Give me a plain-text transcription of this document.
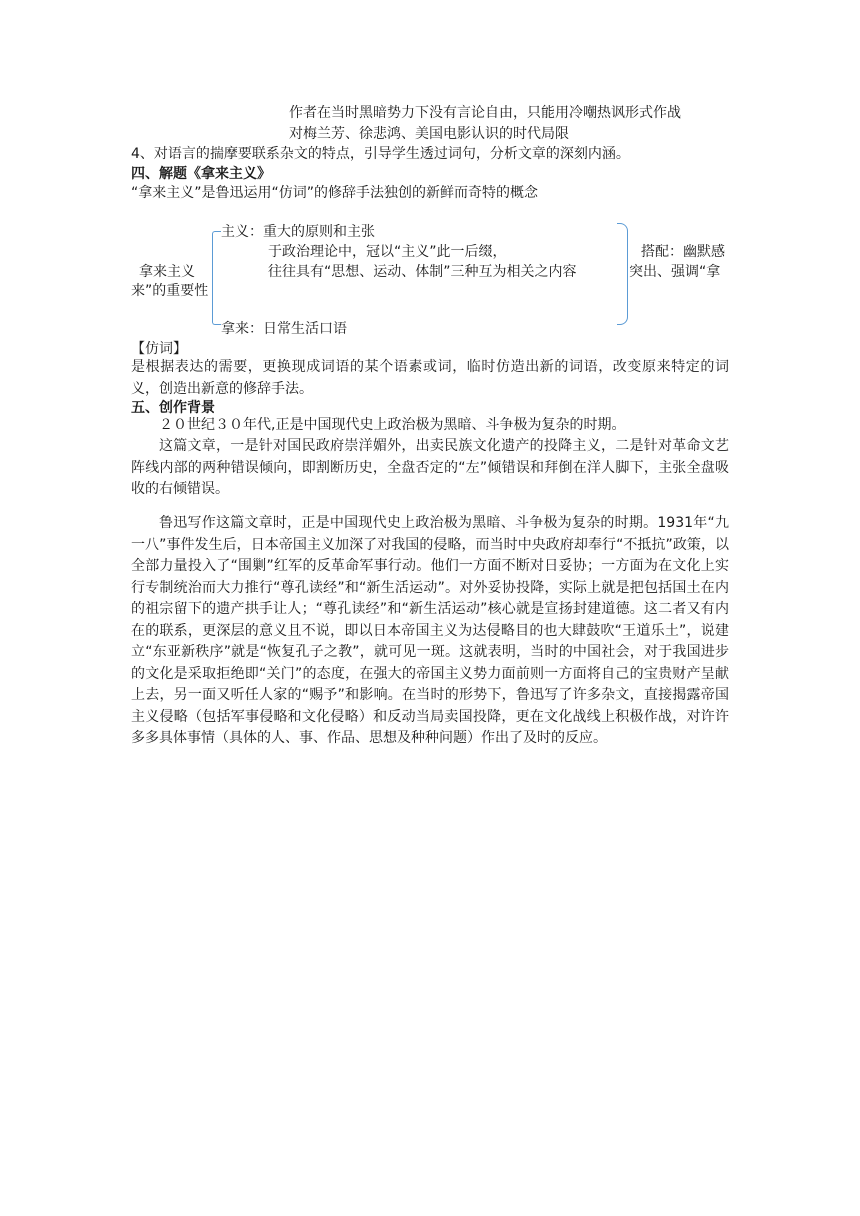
作者在当时黑暗势力下没有言论自由，只能用冷嘲热讽形式作战
对梅兰芳、徐悲鸿、美国电影认识的时代局限
4、对语言的揣摩要联系杂文的特点，引导学生透过词句，分析文章的深刻内涵。
四、解题《拿来主义》
“拿来主义”是鲁迅运用“仿词”的修辞手法独创的新鲜而奇特的概念
主义：重大的原则和主张
于政治理论中，冠以“主义”此一后缀，	搭配：幽默感
往往具有“思想、运动、体制”三种互为相关之内容
拿来主义	突出、强调“拿
来”的重要性
拿来：日常生活口语
【仿词】
是根据表达的需要，更换现成词语的某个语素或词，临时仿造出新的词语，改变原来特定的词义，创造出新意的修辞手法。
五、创作背景
２０世纪３０年代,正是中国现代史上政治极为黑暗、斗争极为复杂的时期。
这篇文章，一是针对国民政府崇洋媚外，出卖民族文化遗产的投降主义，二是针对革命文艺阵线内部的两种错误倾向，即割断历史，全盘否定的“左”倾错误和拜倒在洋人脚下，主张全盘吸收的右倾错误。
鲁迅写作这篇文章时，正是中国现代史上政治极为黑暗、斗争极为复杂的时期。1931年“九一八”事件发生后，日本帝国主义加深了对我国的侵略，而当时中央政府却奉行“不抵抗”政策，以全部力量投入了“围剿”红军的反革命军事行动。他们一方面不断对日妥协；一方面为在文化上实行专制统治而大力推行“尊孔读经”和“新生活运动”。对外妥协投降，实际上就是把包括国土在内的祖宗留下的遗产拱手让人；“尊孔读经”和“新生活运动”核心就是宣扬封建道德。这二者又有内在的联系，更深层的意义且不说，即以日本帝国主义为达侵略目的也大肆鼓吹“王道乐土”，说建立“东亚新秩序”就是“恢复孔子之教”，就可见一斑。这就表明，当时的中国社会，对于我国进步的文化是采取拒绝即“关门”的态度，在强大的帝国主义势力面前则一方面将自己的宝贵财产呈献上去，另一面又听任人家的“赐予”和影响。在当时的形势下，鲁迅写了许多杂文，直接揭露帝国主义侵略（包括军事侵略和文化侵略）和反动当局卖国投降，更在文化战线上积极作战，对许许多多具体事情（具体的人、事、作品、思想及种种问题）作出了及时的反应。
